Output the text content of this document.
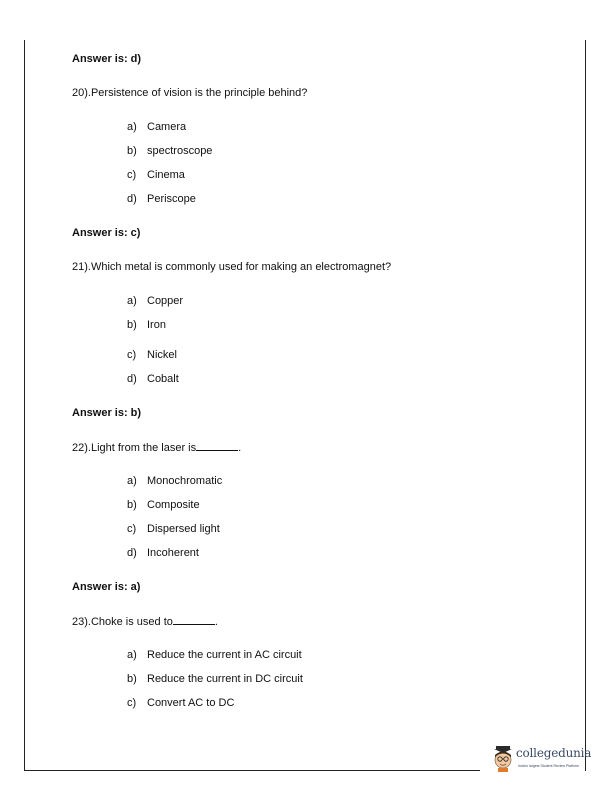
Answer is: d)
20).Persistence of vision is the principle behind?
a) Camera
b) spectroscope
c) Cinema
d) Periscope
Answer is: c)
21).Which metal is commonly used for making an electromagnet?
a) Copper
b) Iron
c) Nickel
d) Cobalt
Answer is: b)
22).Light from the laser is	.
a) Monochromatic
b) Composite
c) Dispersed light
d) Incoherent
Answer is: a)
23).Choke is used to	.
a) Reduce the current in AC circuit
b) Reduce the current in DC circuit
c) Convert AC to DC
collegedunia
India's largest Student Review Platform
